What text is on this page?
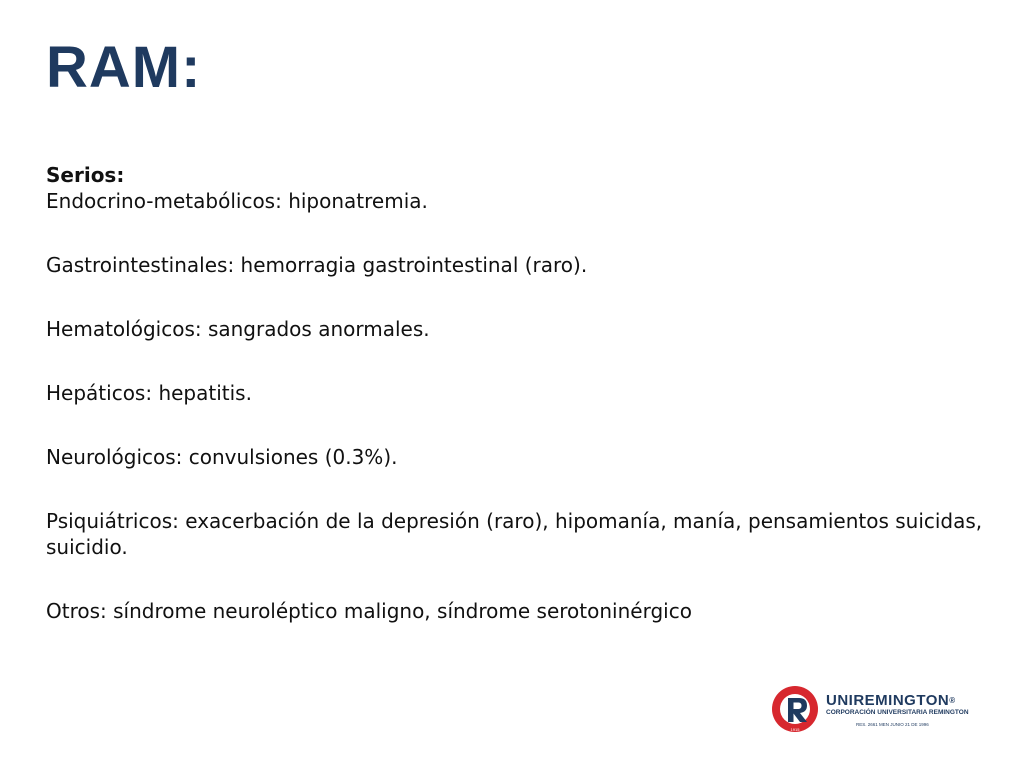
RAM:

Serios:

Endocrino-metabólicos: hiponatremia.

Gastrointestinales: hemorragia gastrointestinal (raro).

Hematológicos: sangrados anormales.

Hepáticos: hepatitis.

Neurológicos: convulsiones (0.3%).

Psiquiátricos: exacerbación de la depresión (raro), hipomanía, manía, pensamientos suicidas, suicidio.

Otros: síndrome neuroléptico maligno, síndrome serotoninérgico

1915
UNIREMINGTON®
CORPORACIÓN UNIVERSITARIA REMINGTON
RES. 2661 MEN JUNIO 21 DE 1996
